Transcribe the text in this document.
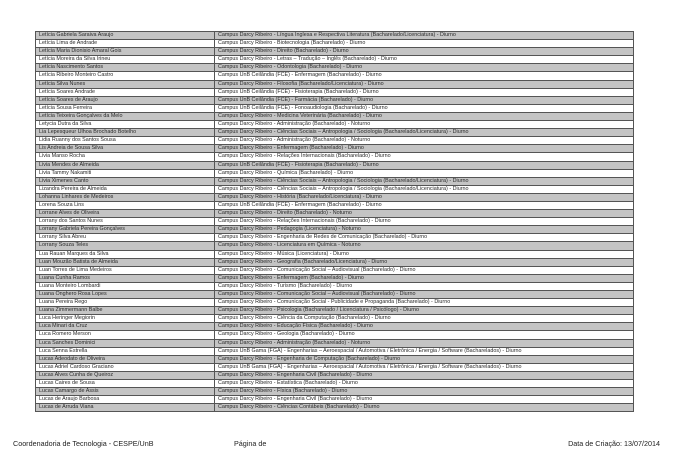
Letícia Gabriela Saraiva Araujo	Campus Darcy Ribeiro - Língua Inglesa e Respectiva Literatura (Bacharelado/Licenciatura) - Diurno
Letícia Lima de Andrade	Campus Darcy Ribeiro - Biotecnologia (Bacharelado) - Diurno
Letícia Maria Dionisio Amaral Gois	Campus Darcy Ribeiro - Direito (Bacharelado) - Diurno
Letícia Moreira da Silva Irineu	Campus Darcy Ribeiro - Letras – Tradução – Inglês (Bacharelado) - Diurno
Letícia Nascimento Santos	Campus Darcy Ribeiro - Odontologia (Bacharelado) - Diurno
Letícia Ribeiro Monteiro Castro	Campus UnB Ceilândia (FCE) - Enfermagem (Bacharelado) - Diurno
Letícia Silva Nunes	Campus Darcy Ribeiro - Filosofia (Bacharelado/Licenciatura) - Diurno
Letícia Soares Andrade	Campus UnB Ceilândia (FCE) - Fisioterapia (Bacharelado) - Diurno
Letícia Soares de Araujo	Campus UnB Ceilândia (FCE) - Farmácia (Bacharelado) - Diurno
Letícia Sousa Ferreira	Campus UnB Ceilândia (FCE) - Fonoaudiologia (Bacharelado) - Diurno
Letícia Teixeira Gonçalves da Melo	Campus Darcy Ribeiro - Medicina Veterinária (Bacharelado) - Diurno
Letycia Dutra da Silva	Campus Darcy Ribeiro - Administração (Bacharelado) - Noturno
Lia Lepesqueur Ulhoa Brochado Botelho	Campus Darcy Ribeiro - Ciências Sociais – Antropologia / Sociologia (Bacharelado/Licenciatura) - Diurno
Lidia Ruanny dos Santos Sousa	Campus Darcy Ribeiro - Administração (Bacharelado) - Noturno
Lis Andreia de Sousa Silva	Campus Darcy Ribeiro - Enfermagem (Bacharelado) - Diurno
Livia Manso Rocha	Campus Darcy Ribeiro - Relações Internacionais (Bacharelado) - Diurno
Livia Mendes de Almeida	Campus UnB Ceilândia (FCE) - Fisioterapia (Bacharelado) - Diurno
Livia Tammy Nakamiti	Campus Darcy Ribeiro - Química (Bacharelado) - Diurno
Livia Ximenes Canto	Campus Darcy Ribeiro - Ciências Sociais – Antropologia / Sociologia (Bacharelado/Licenciatura) - Diurno
Lizandra Pereira de Almeida	Campus Darcy Ribeiro - Ciências Sociais – Antropologia / Sociologia (Bacharelado/Licenciatura) - Diurno
Lohanna Linhares de Medeiros	Campus Darcy Ribeiro - História (Bacharelado/Licenciatura) - Diurno
Lorena Souza Lins	Campus UnB Ceilândia (FCE) - Enfermagem (Bacharelado) - Diurno
Lorrane Alves de Oliveira	Campus Darcy Ribeiro - Direito (Bacharelado) - Noturno
Lorrany dos Santos Nunes	Campus Darcy Ribeiro - Relações Internacionais (Bacharelado) - Diurno
Lorrany Gabriela Pereira Gonçalves	Campus Darcy Ribeiro - Pedagogia (Licenciatura) - Noturno
Lorrany Silva Abreu	Campus Darcy Ribeiro - Engenharia de Redes de Comunicação (Bacharelado) - Diurno
Lorrany Souza Teles	Campus Darcy Ribeiro - Licenciatura em Química - Noturno
Lua Rauan Marques da Silva	Campus Darcy Ribeiro - Música (Licenciatura) - Diurno
Luan Mouzão Batista de Almeida	Campus Darcy Ribeiro - Geografia (Bacharelado/Licenciatura) - Diurno
Luan Torres de Lima Medeiros	Campus Darcy Ribeiro - Comunicação Social – Audiovisual (Bacharelado) - Diurno
Luana Cunha Ramos	Campus Darcy Ribeiro - Enfermagem (Bacharelado) - Diurno
Luana Monteiro Lombardi	Campus Darcy Ribeiro - Turismo (Bacharelado) - Diurno
Luana Onghero Rosa Lopes	Campus Darcy Ribeiro - Comunicação Social – Audiovisual (Bacharelado) - Diurno
Luana Pereira Rego	Campus Darcy Ribeiro - Comunicação Social - Publicidade e Propaganda (Bacharelado) - Diurno
Luana Zimmermann Balbe	Campus Darcy Ribeiro - Psicologia (Bacharelado / Licenciatura / Psicólogo) - Diurno
Luca Heringer Megiorin	Campus Darcy Ribeiro - Ciência da Computação (Bacharelado) - Diurno
Luca Minari da Cruz	Campus Darcy Ribeiro - Educação Física (Bacharelado) - Diurno
Luca Romero Merson	Campus Darcy Ribeiro - Geologia (Bacharelado) - Diurno
Luca Sanches Dominici	Campus Darcy Ribeiro - Administração (Bacharelado) - Noturno
Luca Senna Estrella	Campus UnB Gama (FGA) - Engenharias – Aeroespacial / Automotiva / Eletrônica / Energia / Software (Bacharelados) - Diurno
Lucas Adeodato de Oliveira	Campus Darcy Ribeiro - Engenharia de Computação (Bacharelado) - Diurno
Lucas Adriel Cardoso Graciano	Campus UnB Gama (FGA) - Engenharias – Aeroespacial / Automotiva / Eletrônica / Energia / Software (Bacharelados) - Diurno
Lucas Alves Cunha de Queiroz	Campus Darcy Ribeiro - Engenharia Civil (Bacharelado) - Diurno
Lucas Caires de Sousa	Campus Darcy Ribeiro - Estatística (Bacharelado) - Diurno
Lucas Camargo de Assis	Campus Darcy Ribeiro - Física (Bacharelado) - Diurno
Lucas de Araujo Barbosa	Campus Darcy Ribeiro - Engenharia Civil (Bacharelado) - Diurno
Lucas de Arruda Viana	Campus Darcy Ribeiro - Ciências Contábeis (Bacharelado) - Diurno
Coordenadoria de Tecnologia - CESPE/UnB	Página de	Data de Criação: 13/07/2014
